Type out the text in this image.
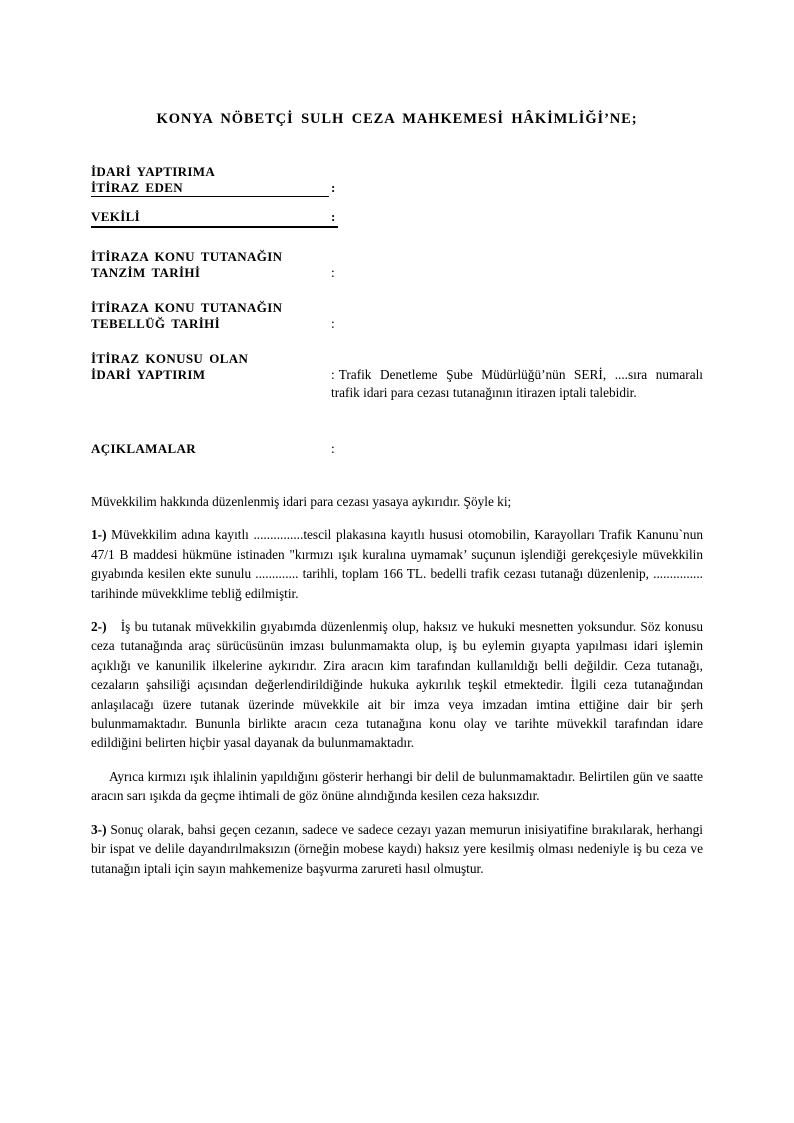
KONYA NÖBETÇİ SULH CEZA MAHKEMESİ HÂKİMLİĞİ’NE;
İDARİ YAPTIRIMA
İTİRAZ EDEN	:
VEKİLİ	:
İTİRAZA KONU TUTANAĞIN
TANZİM TARİHİ	:
İTİRAZA KONU TUTANAĞIN
TEBELLÜĞ TARİHİ	:
İTİRAZ KONUSU OLAN
İDARİ YAPTIRIM	: Trafik Denetleme Şube Müdürlüğü’nün SERİ, ....sıra numaralı trafik idari para cezası tutanağının itirazen iptali talebidir.
AÇIKLAMALAR	:

Müvekkilim hakkında düzenlenmiş idari para cezası yasaya aykırıdır. Şöyle ki;

1-) Müvekkilim adına kayıtlı ...............tescil plakasına kayıtlı hususi otomobilin, Karayolları Trafik Kanunu`nun 47/1 B maddesi hükmüne istinaden "kırmızı ışık kuralına uymamak’ suçunun işlendiği gerekçesiyle müvekkilin gıyabında kesilen ekte sunulu ............. tarihli, toplam 166 TL. bedelli trafik cezası tutanağı düzenlenip, ............... tarihinde müvekklime tebliğ edilmiştir.

2-) İş bu tutanak müvekkilin gıyabımda düzenlenmiş olup, haksız ve hukuki mesnetten yoksundur. Söz konusu ceza tutanağında araç sürücüsünün imzası bulunmamakta olup, iş bu eylemin gıyapta yapılması idari işlemin açıklığı ve kanunilik ilkelerine aykırıdır. Zira aracın kim tarafından kullanıldığı belli değildir. Ceza tutanağı, cezaların şahsiliği açısından değerlendirildiğinde hukuka aykırılık teşkil etmektedir. İlgili ceza tutanağından anlaşılacağı üzere tutanak üzerinde müvekkile ait bir imza veya imzadan imtina ettiğine dair bir şerh bulunmamaktadır. Bununla birlikte aracın ceza tutanağına konu olay ve tarihte müvekkil tarafından idare edildiğini belirten hiçbir yasal dayanak da bulunmamaktadır.

Ayrıca kırmızı ışık ihlalinin yapıldığını gösterir herhangi bir delil de bulunmamaktadır. Belirtilen gün ve saatte aracın sarı ışıkda da geçme ihtimali de göz önüne alındığında kesilen ceza haksızdır.

3-) Sonuç olarak, bahsi geçen cezanın, sadece ve sadece cezayı yazan memurun inisiyatifine bırakılarak, herhangi bir ispat ve delile dayandırılmaksızın (örneğin mobese kaydı) haksız yere kesilmiş olması nedeniyle iş bu ceza ve tutanağın iptali için sayın mahkemenize başvurma zarureti hasıl olmuştur.
